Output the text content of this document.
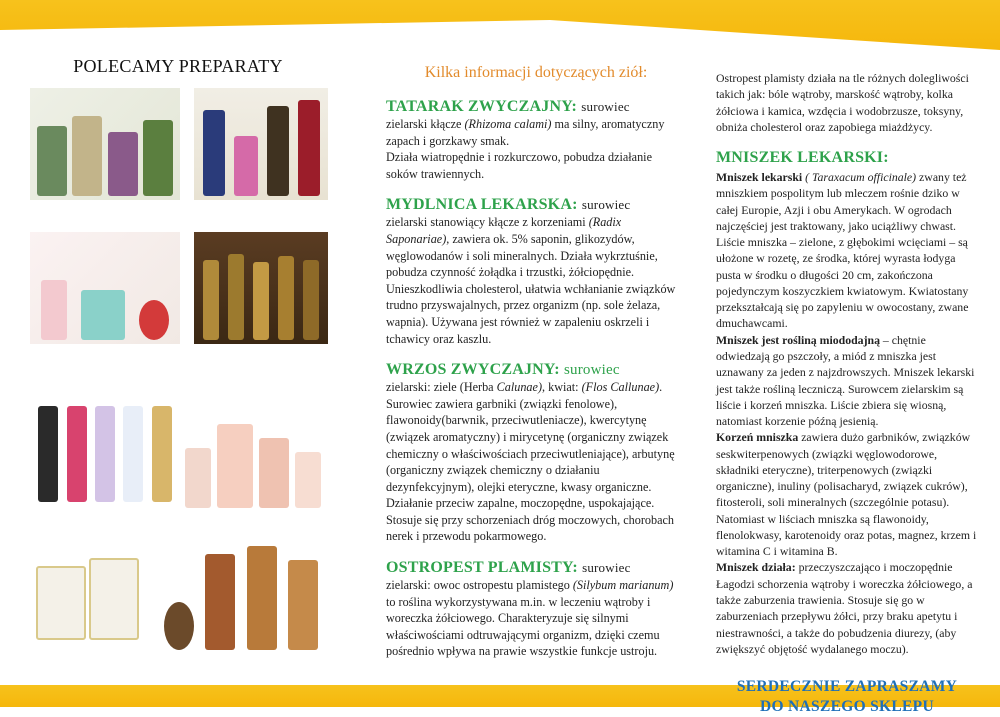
POLECAMY PREPARATY	Kilka informacji dotyczących ziół:
TATARAK ZWYCZAJNY: surowiec

zielarski kłącze (Rhizoma calami) ma silny, aromatyczny zapach i gorzkawy smak.
Działa wiatropędnie i rozkurczowo, pobudza działanie soków trawiennych.

MYDLNICA LEKARSKA: surowiec

zielarski stanowiący kłącze z korzeniami (Radix Saponariae), zawiera ok. 5% saponin, glikozydów, węglowodanów i soli mineralnych. Działa wykrztuśnie, pobudza czynność żołądka i trzustki, żółciopędnie. Unieszkodliwia cholesterol, ułatwia wchłanianie związków trudno przyswajalnych, przez organizm (np. sole żelaza, wapnia). Używana jest również w zapaleniu oskrzeli i tchawicy oraz kaszlu.

WRZOS ZWYCZAJNY: surowiec

zielarski: ziele (Herba Calunae), kwiat: (Flos Callunae). Surowiec zawiera garbniki (związki fenolowe), flawonoidy(barwnik, przeciwutleniacze), kwercytynę (związek aromatyczny) i mirycetynę (organiczny związek chemiczny o właściwościach przeciwutleniające), arbutynę (organiczny związek chemiczny o działaniu dezynfekcyjnym), olejki eteryczne, kwasy organiczne.
Działanie przeciw zapalne, moczopędne, uspokajające. Stosuje się przy schorzeniach dróg moczowych, chorobach nerek i przewodu pokarmowego.

OSTROPEST PLAMISTY: surowiec

zielarski: owoc ostropestu plamistego (Silybum marianum) to roślina wykorzystywana m.in. w leczeniu wątroby i woreczka żółciowego. Charakteryzuje się silnymi właściwościami odtruwającymi organizm, dzięki czemu pośrednio wpływa na prawie wszystkie funkcje ustroju.

Ostropest plamisty działa na tle różnych dolegliwości takich jak: bóle wątroby, marskość wątroby, kolka żółciowa i kamica, wzdęcia i wodobrzusze, toksyny, obniża cholesterol oraz zapobiega miażdżycy.

MNISZEK LEKARSKI:

Mniszek lekarski ( Taraxacum officinale) zwany też mniszkiem pospolitym lub mleczem rośnie dziko w całej Europie, Azji i obu Amerykach. W ogrodach najczęściej jest traktowany, jako uciążliwy chwast.
Liście mniszka – zielone, z głębokimi wcięciami – są ułożone w rozetę, ze środka, której wyrasta łodyga pusta w środku o długości 20 cm, zakończona pojedynczym koszyczkiem kwiatowym. Kwiatostany przekształcają się po zapyleniu w owocostany, zwane dmuchawcami.
Mniszek jest rośliną miododajną – chętnie odwiedzają go pszczoły, a miód z mniszka jest uznawany za jeden z najzdrowszych. Mniszek lekarski jest także rośliną leczniczą. Surowcem zielarskim są liście i korzeń mniszka. Liście zbiera się wiosną, natomiast korzenie późną jesienią.
Korzeń mniszka zawiera dużo garbników, związków seskwiterpenowych (związki węglowodorowe, składniki eteryczne), triterpenowych (związki organiczne), inuliny (polisacharyd, związek cukrów), fitosteroli, soli mineralnych (szczególnie potasu). Natomiast w liściach mniszka są flawonoidy, flenolokwasy, karotenoidy oraz potas, magnez, krzem i witamina C i witamina B.
Mniszek działa: przeczyszczająco i moczopędnie Łagodzi schorzenia wątroby i woreczka żółciowego, a także zaburzenia trawienia. Stosuje się go w zaburzeniach przepływu żółci, przy braku apetytu i niestrawności, a także do pobudzenia diurezy, (aby zwiększyć objętość wydalanego moczu).

SERDECZNIE ZAPRASZAMY
DO NASZEGO SKLEPU
